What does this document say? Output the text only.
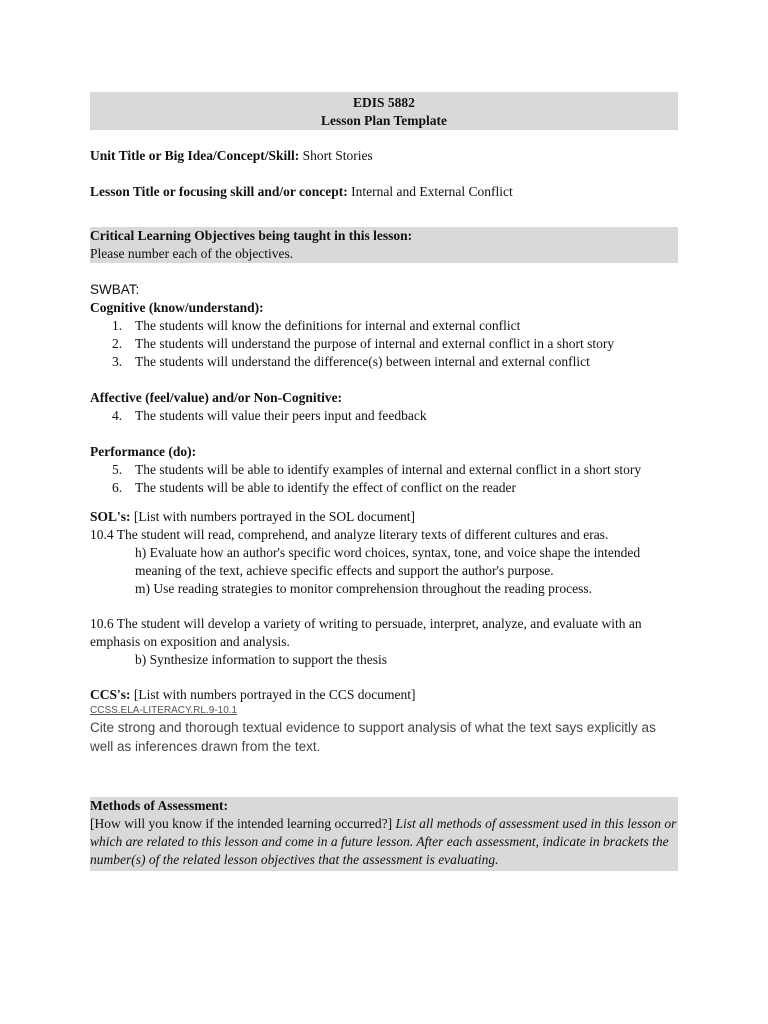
EDIS 5882
Lesson Plan Template

Unit Title or Big Idea/Concept/Skill: Short Stories

Lesson Title or focusing skill and/or concept: Internal and External Conflict

Critical Learning Objectives being taught in this lesson:
Please number each of the objectives.
SWBAT:
Cognitive (know/understand):
1. The students will know the definitions for internal and external conflict
2. The students will understand the purpose of internal and external conflict in a short story
3. The students will understand the difference(s) between internal and external conflict
Affective (feel/value) and/or Non-Cognitive:
4. The students will value their peers input and feedback
Performance (do):
5. The students will be able to identify examples of internal and external conflict in a short story
6. The students will be able to identify the effect of conflict on the reader
SOL's: [List with numbers portrayed in the SOL document]
10.4 The student will read, comprehend, and analyze literary texts of different cultures and eras.
h) Evaluate how an author's specific word choices, syntax, tone, and voice shape the intended meaning of the text, achieve specific effects and support the author's purpose.
m) Use reading strategies to monitor comprehension throughout the reading process.
10.6 The student will develop a variety of writing to persuade, interpret, analyze, and evaluate with an emphasis on exposition and analysis.
b) Synthesize information to support the thesis
CCS's: [List with numbers portrayed in the CCS document]
CCSS.ELA-LITERACY.RL.9-10.1
Cite strong and thorough textual evidence to support analysis of what the text says explicitly as well as inferences drawn from the text.
Methods of Assessment:
[How will you know if the intended learning occurred?] List all methods of assessment used in this lesson or which are related to this lesson and come in a future lesson. After each assessment, indicate in brackets the number(s) of the related lesson objectives that the assessment is evaluating.
